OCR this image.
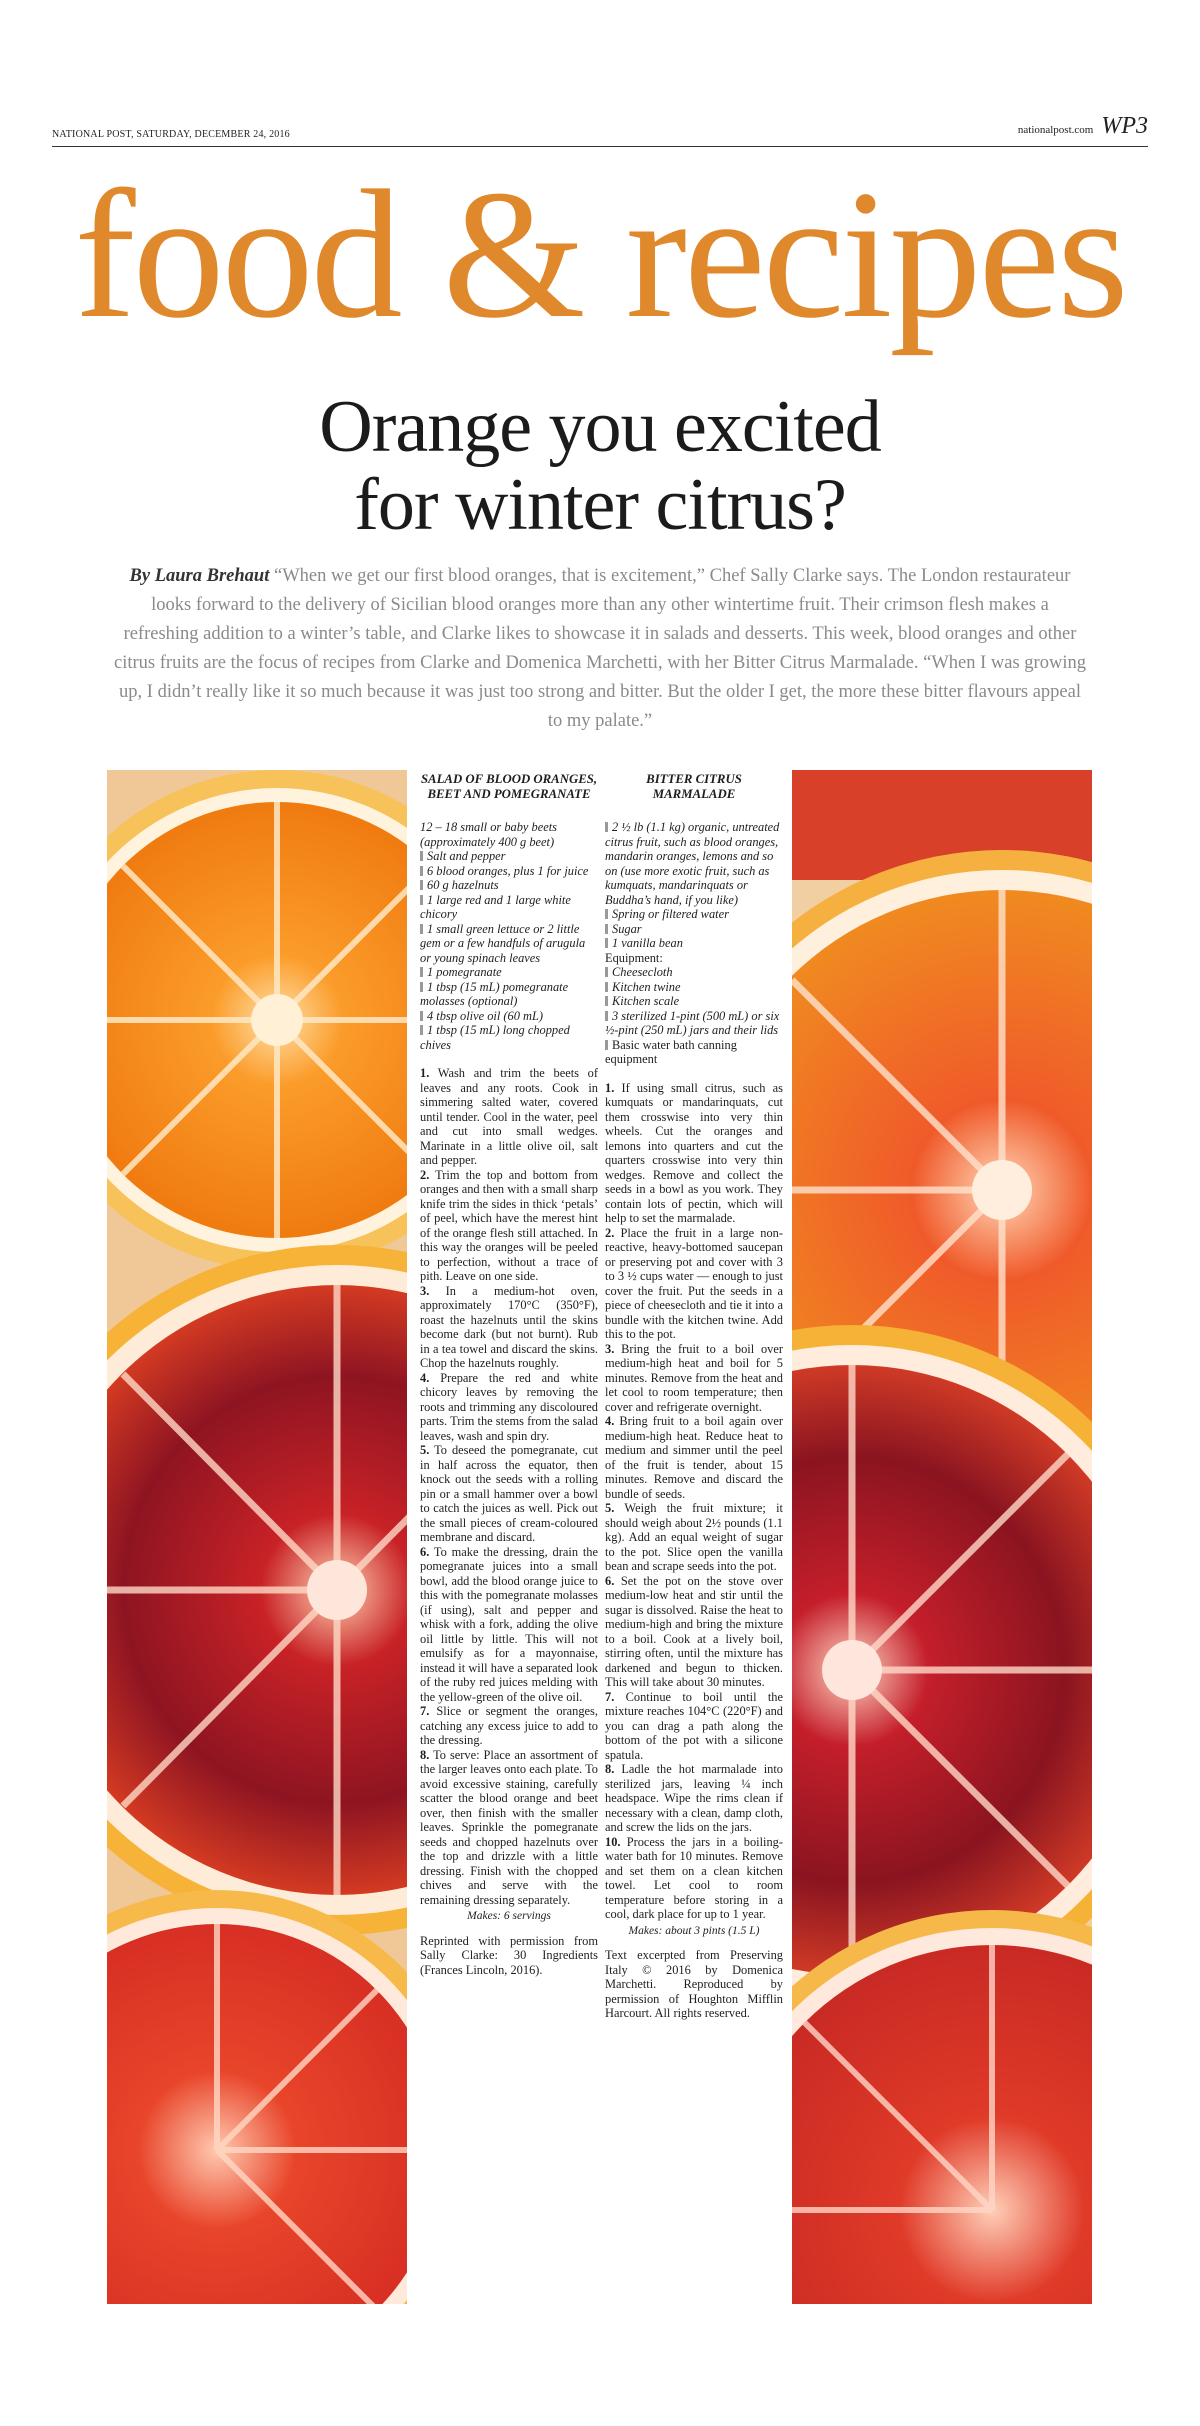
NATIONAL POST, SATURDAY, DECEMBER 24, 2016	nationalpost.com WP3
food & recipes
Orange you excited
for winter citrus?
By Laura Brehaut “When we get our first blood oranges, that is excitement,” Chef Sally Clarke says. The London restaurateur looks forward to the delivery of Sicilian blood oranges more than any other wintertime fruit. Their crimson flesh makes a refreshing addition to a winter’s table, and Clarke likes to showcase it in salads and desserts. This week, blood oranges and other citrus fruits are the focus of recipes from Clarke and Domenica Marchetti, with her Bitter Citrus Marmalade. “When I was growing up, I didn’t really like it so much because it was just too strong and bitter. But the older I get, the more these bitter flavours appeal to my palate.”
SALAD OF BLOOD ORANGES, BEET AND POMEGRANATE
12 – 18 small or baby beets (approximately 400 g beet)
Salt and pepper
6 blood oranges, plus 1 for juice
60 g hazelnuts
1 large red and 1 large white chicory
1 small green lettuce or 2 little gem or a few handfuls of arugula or young spinach leaves
1 pomegranate
1 tbsp (15 mL) pomegranate molasses (optional)
4 tbsp olive oil (60 mL)
1 tbsp (15 mL) long chopped chives

1. Wash and trim the beets of leaves and any roots. Cook in simmering salted water, covered until tender. Cool in the water, peel and cut into small wedges. Marinate in a little olive oil, salt and pepper.

2. Trim the top and bottom from oranges and then with a small sharp knife trim the sides in thick ‘petals’ of peel, which have the merest hint of the orange flesh still attached. In this way the oranges will be peeled to perfection, without a trace of pith. Leave on one side.

3. In a medium-hot oven, approximately 170°C (350°F), roast the hazelnuts until the skins become dark (but not burnt). Rub in a tea towel and discard the skins. Chop the hazelnuts roughly.

4. Prepare the red and white chicory leaves by removing the roots and trimming any discoloured parts. Trim the stems from the salad leaves, wash and spin dry.

5. To deseed the pomegranate, cut in half across the equator, then knock out the seeds with a rolling pin or a small hammer over a bowl to catch the juices as well. Pick out the small pieces of cream-coloured membrane and discard.

6. To make the dressing, drain the pomegranate juices into a small bowl, add the blood orange juice to this with the pomegranate molasses (if using), salt and pepper and whisk with a fork, adding the olive oil little by little. This will not emulsify as for a mayonnaise, instead it will have a separated look of the ruby red juices melding with the yellow-green of the olive oil.

7. Slice or segment the oranges, catching any excess juice to add to the dressing.

8. To serve: Place an assortment of the larger leaves onto each plate. To avoid excessive staining, carefully scatter the blood orange and beet over, then finish with the smaller leaves. Sprinkle the pomegranate seeds and chopped hazelnuts over the top and drizzle with a little dressing. Finish with the chopped chives and serve with the remaining dressing separately.

Makes: 6 servings

Reprinted with permission from Sally Clarke: 30 Ingredients (Frances Lincoln, 2016).

BITTER CITRUS MARMALADE
2 ½ lb (1.1 kg) organic, untreated citrus fruit, such as blood oranges, mandarin oranges, lemons and so on (use more exotic fruit, such as kumquats, mandarinquats or Buddha’s hand, if you like)
Spring or filtered water
Sugar
1 vanilla bean
Equipment:
Cheesecloth
Kitchen twine
Kitchen scale
3 sterilized 1-pint (500 mL) or six ½-pint (250 mL) jars and their lids
Basic water bath canning equipment

1. If using small citrus, such as kumquats or mandarinquats, cut them crosswise into very thin wheels. Cut the oranges and lemons into quarters and cut the quarters crosswise into very thin wedges. Remove and collect the seeds in a bowl as you work. They contain lots of pectin, which will help to set the marmalade.

2. Place the fruit in a large non-reactive, heavy-bottomed saucepan or preserving pot and cover with 3 to 3 ½ cups water — enough to just cover the fruit. Put the seeds in a piece of cheesecloth and tie it into a bundle with the kitchen twine. Add this to the pot.

3. Bring the fruit to a boil over medium-high heat and boil for 5 minutes. Remove from the heat and let cool to room temperature; then cover and refrigerate overnight.

4. Bring fruit to a boil again over medium-high heat. Reduce heat to medium and simmer until the peel of the fruit is tender, about 15 minutes. Remove and discard the bundle of seeds.

5. Weigh the fruit mixture; it should weigh about 2½ pounds (1.1 kg). Add an equal weight of sugar to the pot. Slice open the vanilla bean and scrape seeds into the pot.

6. Set the pot on the stove over medium-low heat and stir until the sugar is dissolved. Raise the heat to medium-high and bring the mixture to a boil. Cook at a lively boil, stirring often, until the mixture has darkened and begun to thicken. This will take about 30 minutes.

7. Continue to boil until the mixture reaches 104°C (220°F) and you can drag a path along the bottom of the pot with a silicone spatula.

8. Ladle the hot marmalade into sterilized jars, leaving ¼ inch headspace. Wipe the rims clean if necessary with a clean, damp cloth, and screw the lids on the jars.

10. Process the jars in a boiling-water bath for 10 minutes. Remove and set them on a clean kitchen towel. Let cool to room temperature before storing in a cool, dark place for up to 1 year.

Makes: about 3 pints (1.5 L)

Text excerpted from Preserving Italy © 2016 by Domenica Marchetti. Reproduced by permission of Houghton Mifflin Harcourt. All rights reserved.
